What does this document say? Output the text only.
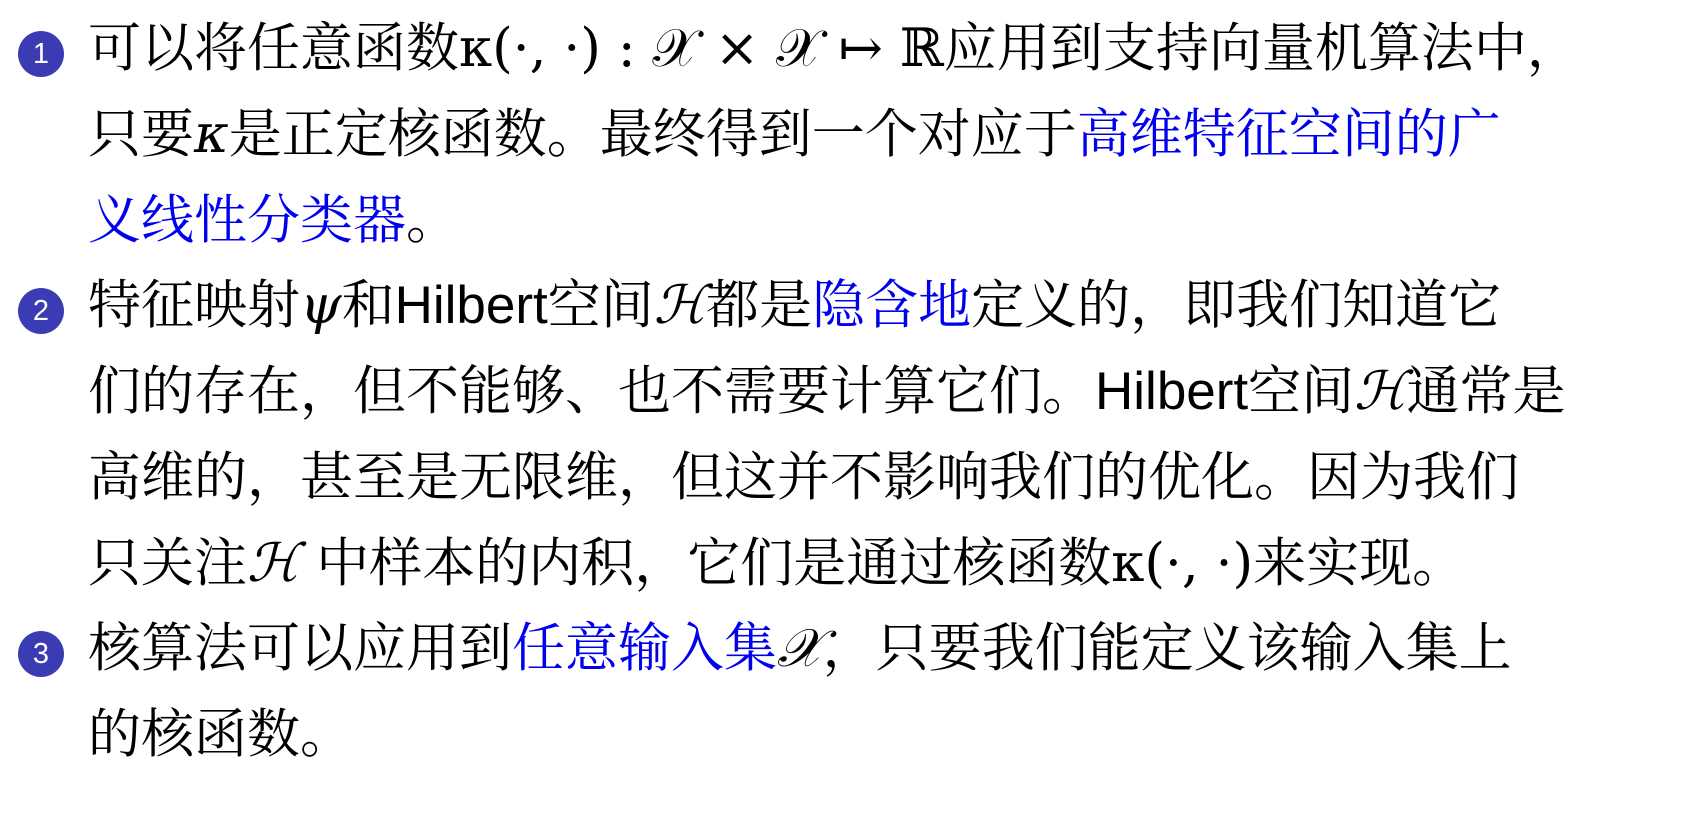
1 可以将任意函数κ(·, ·) : 𝒳 × 𝒳 ↦ ℝ应用到支持向量机算法中，
只要κ是正定核函数。最终得到一个对应于高维特征空间的广
义线性分类器。
2 特征映射ψ和Hilbert空间ℋ都是隐含地定义的，即我们知道它
们的存在，但不能够、也不需要计算它们。Hilbert空间ℋ通常是
高维的，甚至是无限维，但这并不影响我们的优化。因为我们
只关注ℋ 中样本的内积，它们是通过核函数κ(·, ·)来实现。
3 核算法可以应用到任意输入集𝒳，只要我们能定义该输入集上
的核函数。
